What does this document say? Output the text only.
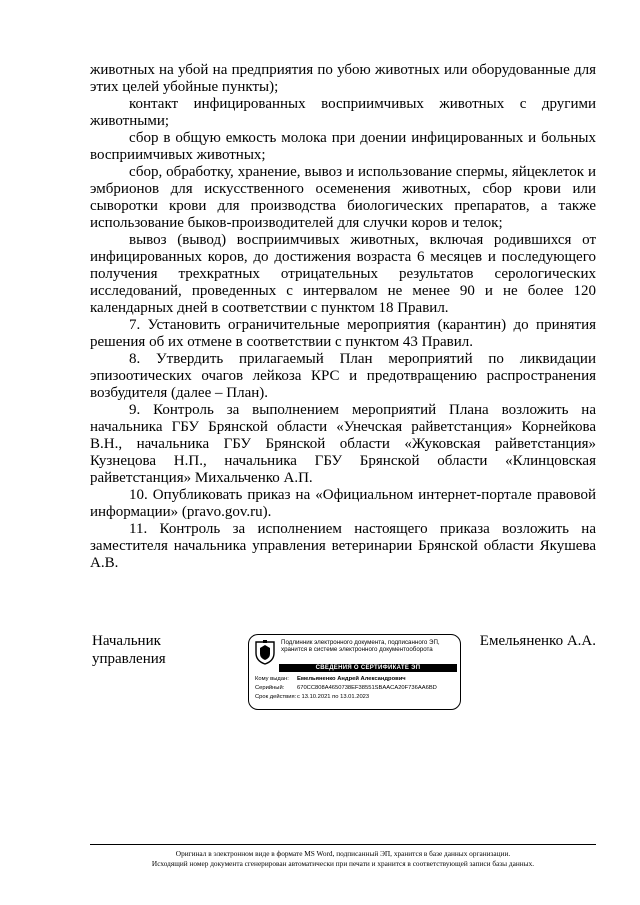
животных на убой на предприятия по убою животных или оборудованные для этих целей убойные пункты);

контакт инфицированных восприимчивых животных с другими животными;

сбор в общую емкость молока при доении инфицированных и больных восприимчивых животных;

сбор, обработку, хранение, вывоз и использование спермы, яйцеклеток и эмбрионов для искусственного осеменения животных, сбор крови или сыворотки крови для производства биологических препаратов, а также использование быков-производителей для случки коров и телок;

вывоз (вывод) восприимчивых животных, включая родившихся от инфицированных коров, до достижения возраста 6 месяцев и последующего получения трехкратных отрицательных результатов серологических исследований, проведенных с интервалом не менее 90 и не более 120 календарных дней в соответствии с пунктом 18 Правил.

7. Установить ограничительные мероприятия (карантин) до принятия решения об их отмене в соответствии с пунктом 43 Правил.

8. Утвердить прилагаемый План мероприятий по ликвидации эпизоотических очагов лейкоза КРС и предотвращению распространения возбудителя (далее – План).

9. Контроль за выполнением мероприятий Плана возложить на начальника ГБУ Брянской области «Унечская райветстанция» Корнейкова В.Н., начальника ГБУ Брянской области «Жуковская райветстанция» Кузнецова Н.П., начальника ГБУ Брянской области «Клинцовская райветстанция» Михальченко А.П.

10. Опубликовать приказ на «Официальном интернет-портале правовой информации» (pravo.gov.ru).

11. Контроль за исполнением настоящего приказа возложить на заместителя начальника управления ветеринарии Брянской области Якушева А.В.

Начальник
управления
Подлинник электронного документа, подписанного ЭП,
хранится в системе электронного документооборота
СВЕДЕНИЯ О СЕРТИФИКАТЕ ЭП
Кому выдан: Емельяненко Андрей Александрович
Серийный: 670CC808A4650738EF38551SBAACA20F736AA6BD
Срок действия:с 13.10.2021 по 13.01.2023
Емельяненко А.А.
Оригинал в электронном виде в формате MS Word, подписанный ЭП, хранится в базе данных организации.
Исходящий номер документа сгенерирован автоматически при печати и хранится в соответствующей записи базы данных.
